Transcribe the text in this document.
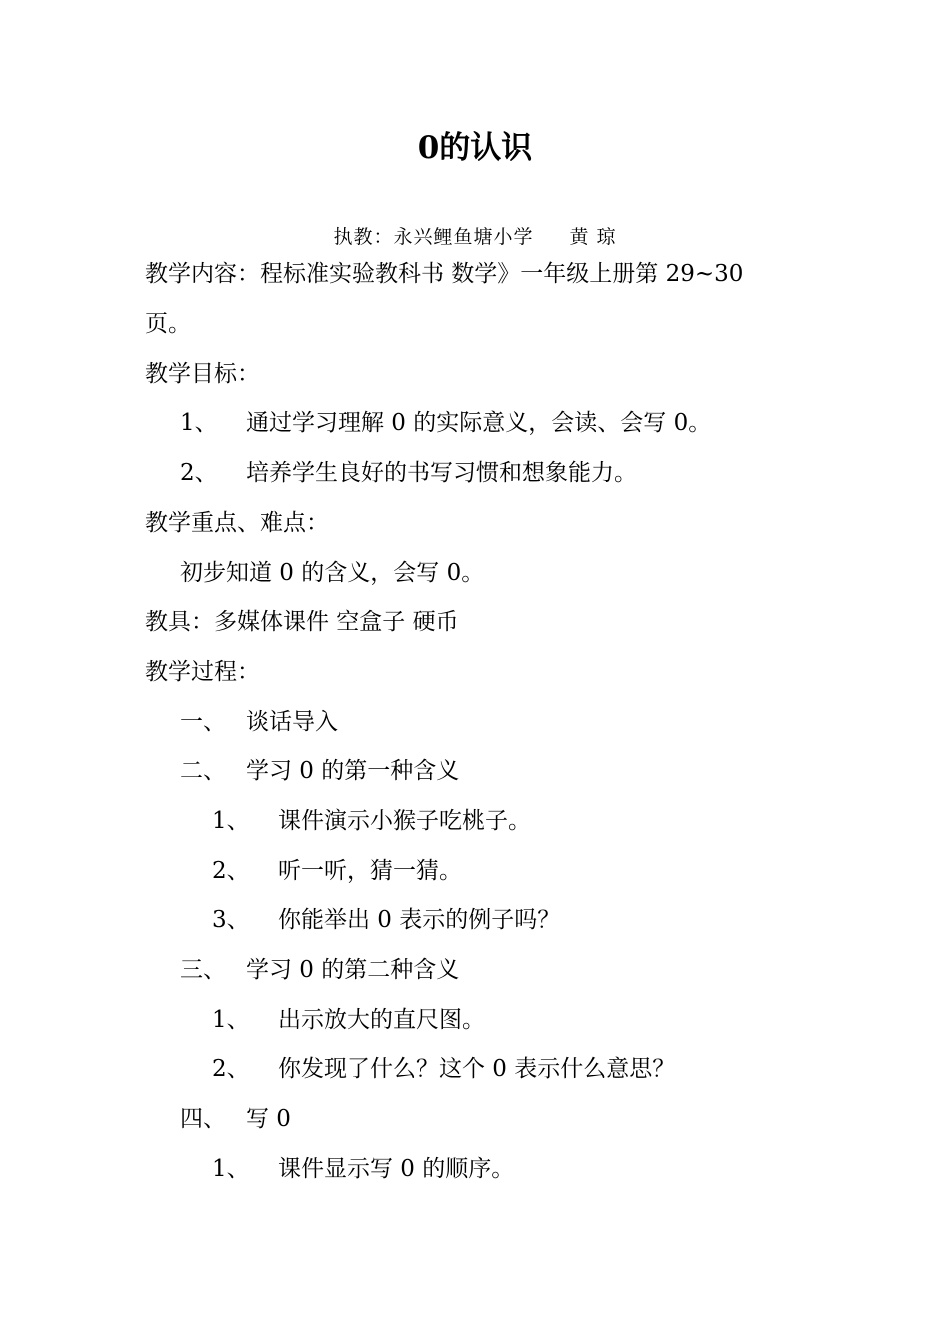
0的认识
执教：永兴鲤鱼塘小学 黄 琼
教学内容：程标准实验教科书 数学》一年级上册第 29~30
页。
教学目标：
1、 通过学习理解 0 的实际意义，会读、会写 0。
2、 培养学生良好的书写习惯和想象能力。
教学重点、难点：
初步知道 0 的含义，会写 0。
教具：多媒体课件 空盒子 硬币
教学过程：
一、 谈话导入
二、 学习 0 的第一种含义
1、 课件演示小猴子吃桃子。
2、 听一听，猜一猜。
3、 你能举出 0 表示的例子吗？
三、 学习 0 的第二种含义
1、 出示放大的直尺图。
2、 你发现了什么？这个 0 表示什么意思？
四、 写 0
1、 课件显示写 0 的顺序。
